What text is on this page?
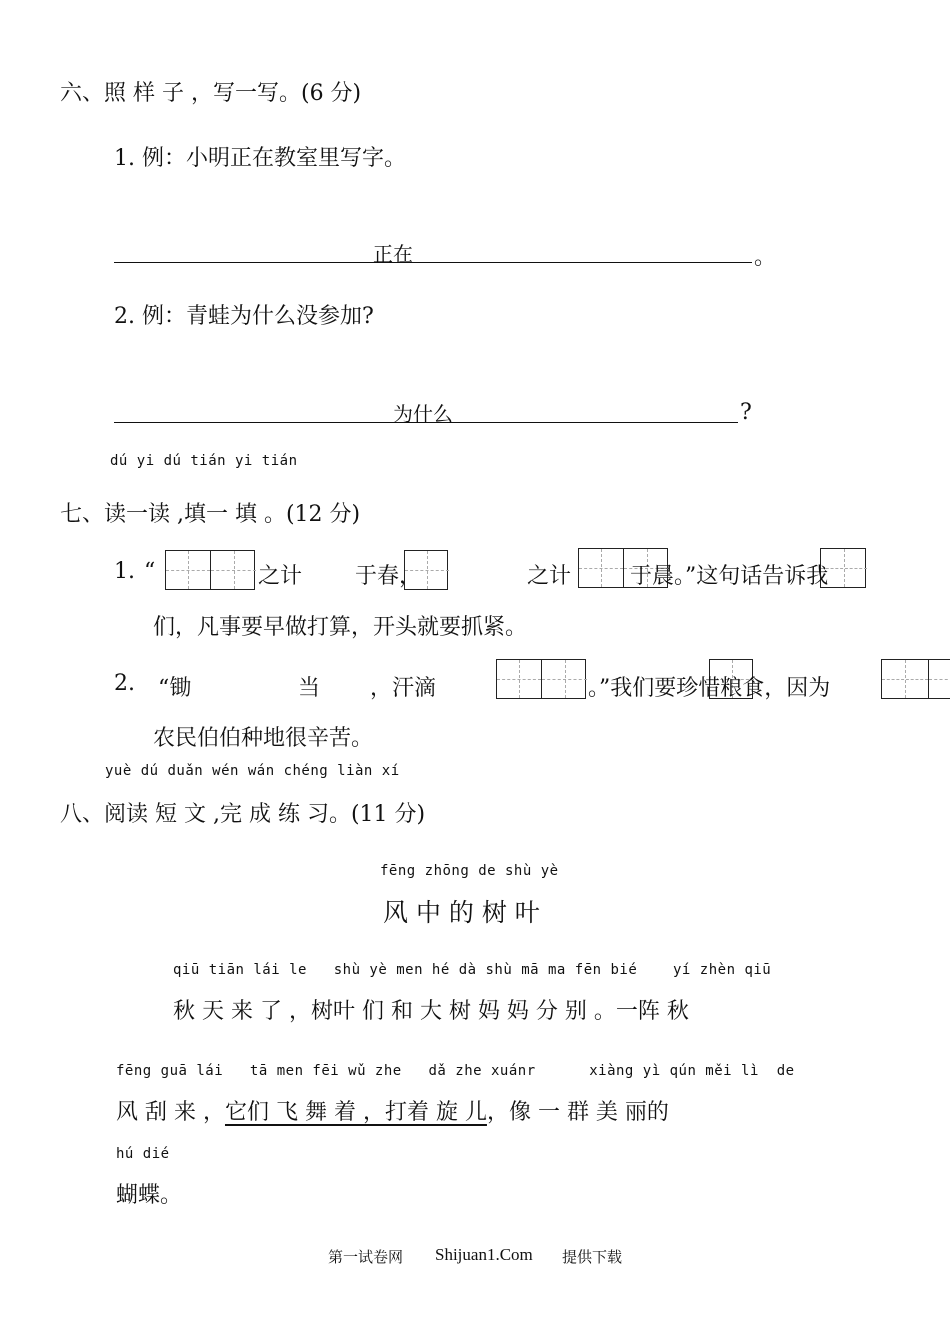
六、照 样 子 ，写一写。(6 分)
1. 例：小明正在教室里写字。
正在	。
2. 例：青蛙为什么没参加?
为什么	?
dú yi dú tián yi tián
七、读一读 ,填一 填 。(12 分)
1. “
	之计
于春，
	之计
	于晨。”这句话告诉我
们，凡事要早做打算，开头就要抓紧。
2. “锄
	当
，汗滴	。”我们要珍惜粮食，因为
农民伯伯种地很辛苦。
yuè dú duǎn wén wán chéng liàn xí
八、阅读 短 文 ,完 成 练 习。(11 分)
fēng zhōng de shù yè
风 中 的 树 叶
qiū tiān lái le   shù yè men hé dà shù mā ma fēn bié    yí zhèn qiū
秋 天 来 了 ，树叶 们 和 大 树 妈 妈 分 别 。一阵 秋
fēng guā lái   tā men fēi wǔ zhe   dǎ zhe xuánr      xiàng yì qún měi lì  de
风 刮 来 ，它们 飞 舞 着 ，打着 旋 儿，像 一 群 美 丽的
hú dié
蝴蝶。
第一试卷网 Shijuan1.Com 提供下载
